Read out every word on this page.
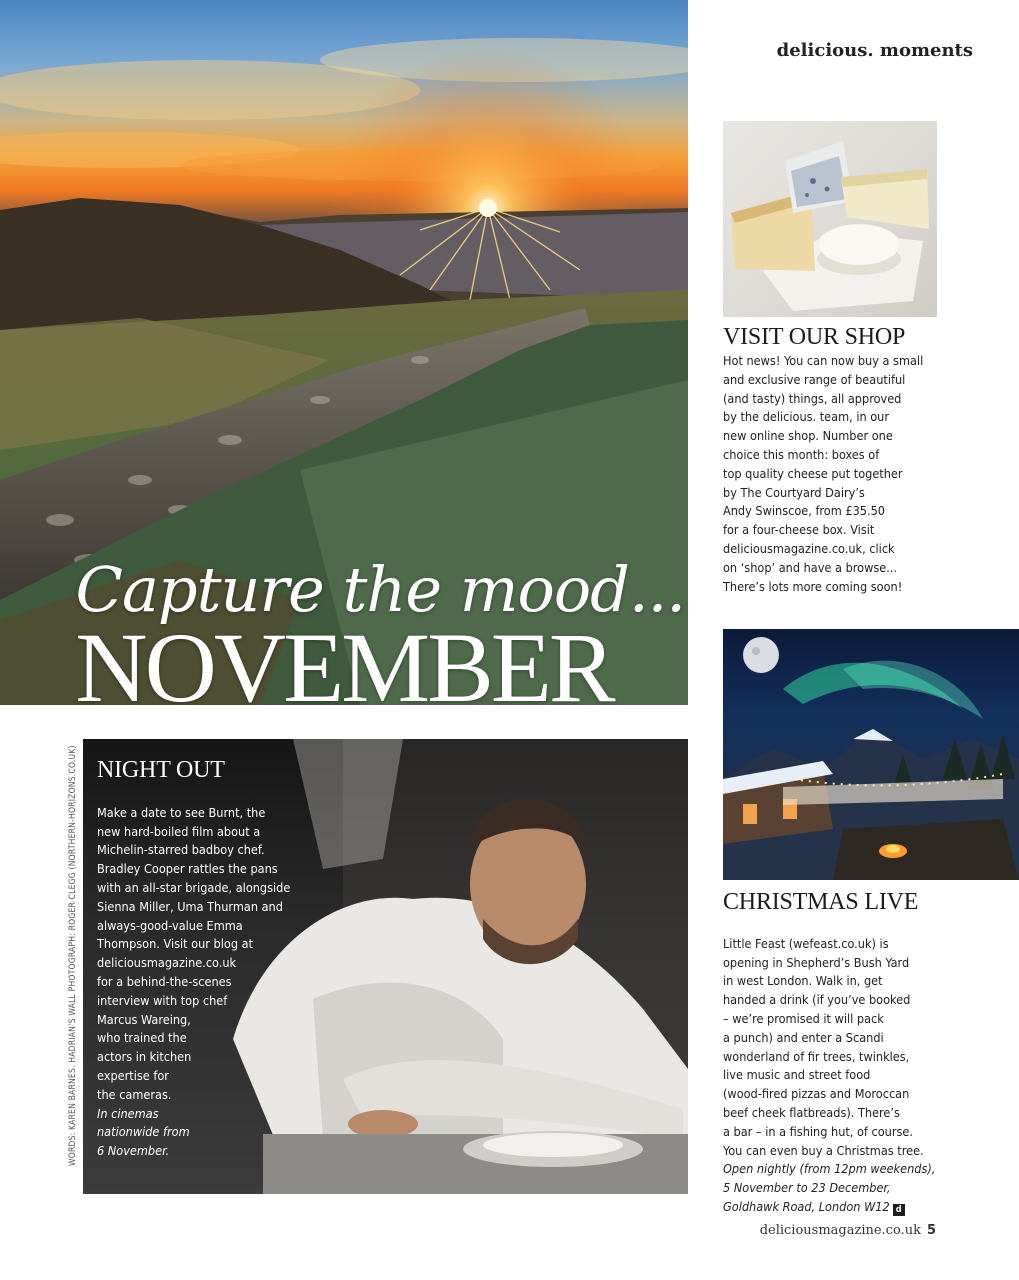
Capture the mood...
NOVEMBER
delicious. moments
VISIT OUR SHOP
Hot news! You can now buy a small
and exclusive range of beautiful
(and tasty) things, all approved
by the delicious. team, in our
new online shop. Number one
choice this month: boxes of
top quality cheese put together
by The Courtyard Dairy’s
Andy Swinscoe, from £35.50
for a four-cheese box. Visit
deliciousmagazine.co.uk, click
on ‘shop’ and have a browse...
There’s lots more coming soon!
CHRISTMAS LIVE

Little Feast (wefeast.co.uk) is
opening in Shepherd’s Bush Yard
in west London. Walk in, get
handed a drink (if you’ve booked
– we’re promised it will pack
a punch) and enter a Scandi
wonderland of fir trees, twinkles,
live music and street food
(wood-fired pizzas and Moroccan
beef cheek flatbreads). There’s
a bar – in a fishing hut, of course.
You can even buy a Christmas tree.
Open nightly (from 12pm weekends),
5 November to 23 December,
Goldhawk Road, London W12 d

NIGHT OUT

Make a date to see Burnt, the
new hard-boiled film about a
Michelin-starred badboy chef.
Bradley Cooper rattles the pans
with an all-star brigade, alongside
Sienna Miller, Uma Thurman and
always-good-value Emma
Thompson. Visit our blog at
deliciousmagazine.co.uk
for a behind-the-scenes
interview with top chef
Marcus Wareing,
who trained the
actors in kitchen
expertise for
the cameras.
In cinemas
nationwide from
6 November.

WORDS: KAREN BARNES. HADRIAN’S WALL PHOTOGRAPH: ROGER CLEGG (NORTHERN-HORIZONS.CO.UK)
deliciousmagazine.co.uk 5
